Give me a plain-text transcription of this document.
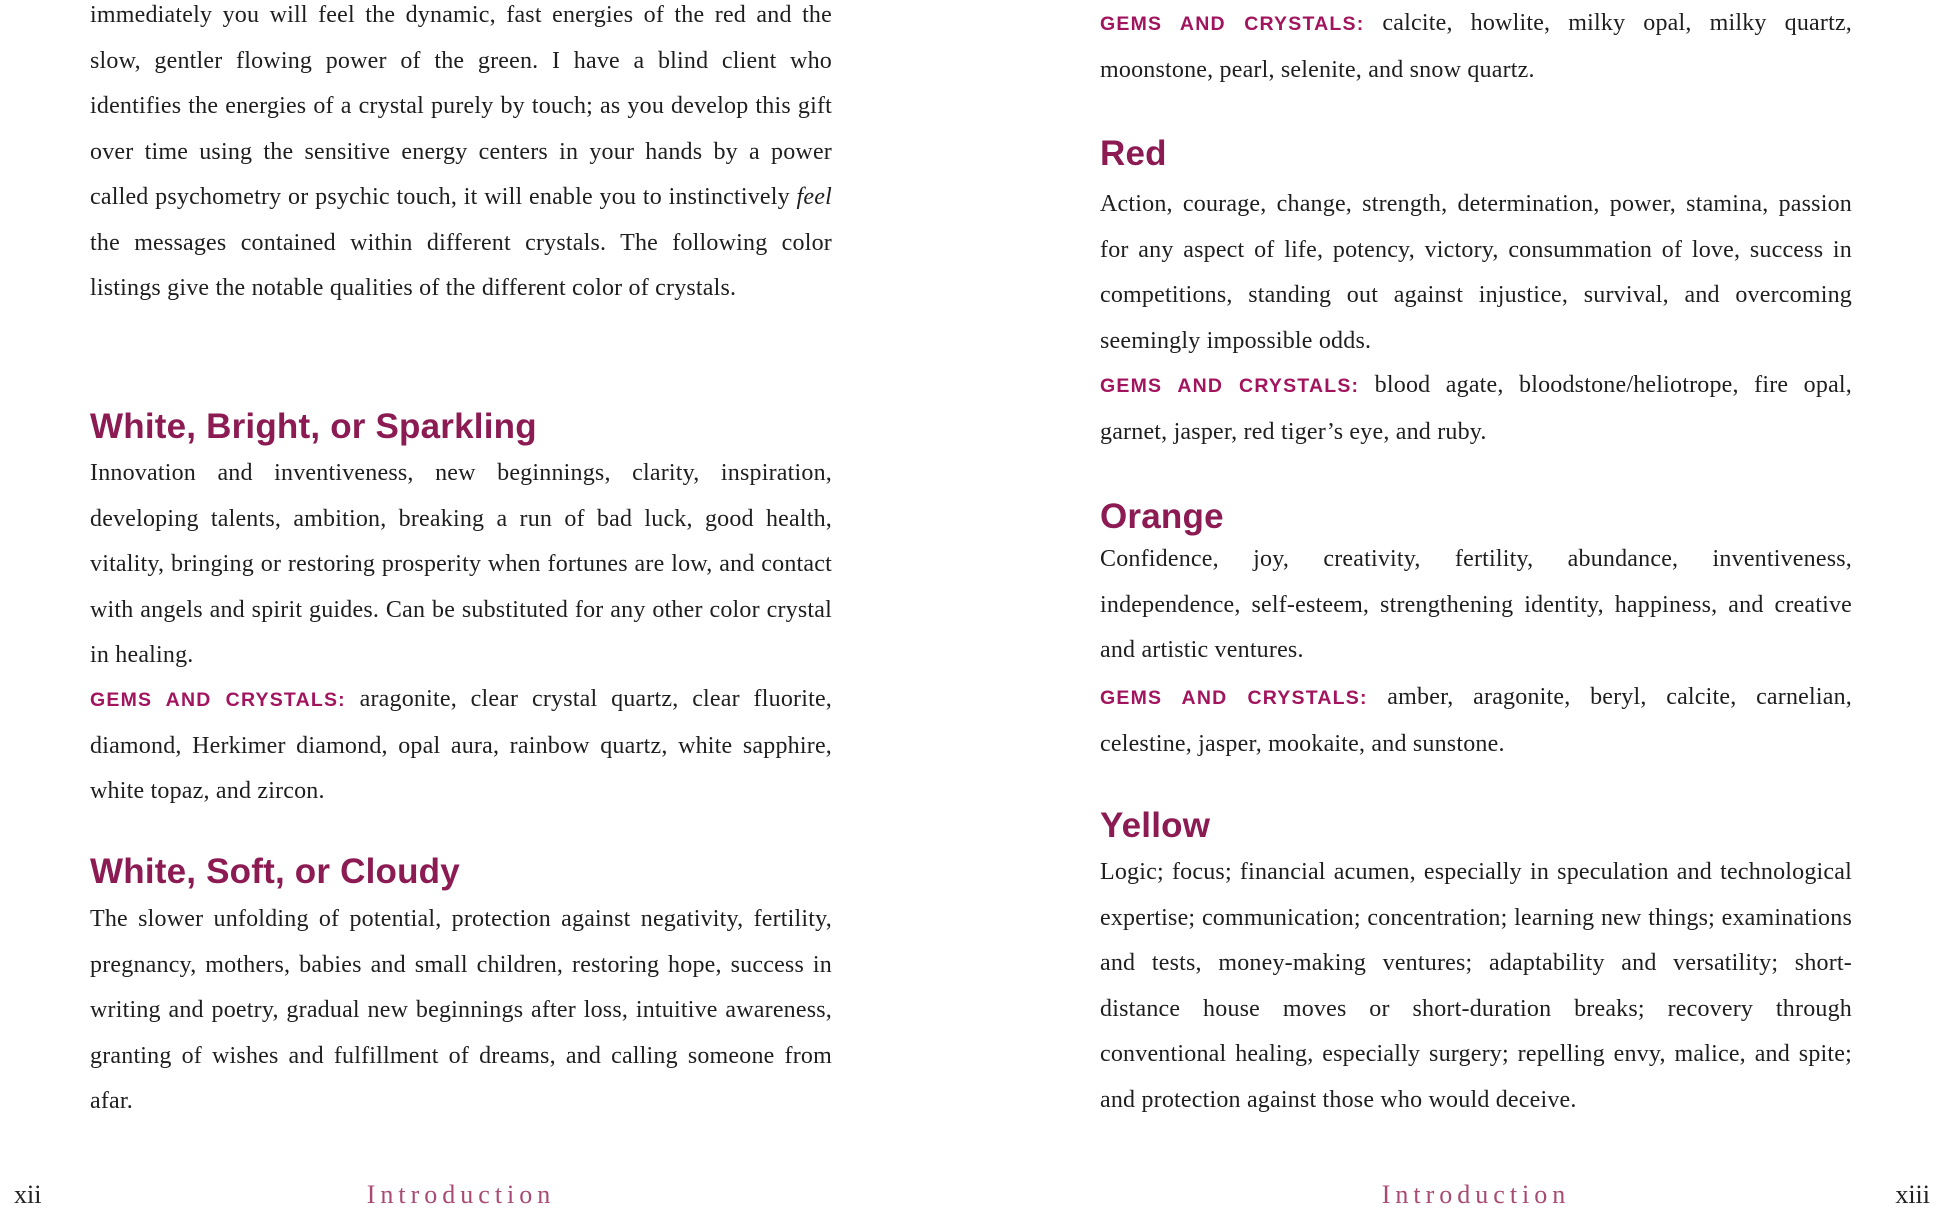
immediately you will feel the dynamic, fast energies of the red and the slow, gentler flowing power of the green. I have a blind client who identifies the energies of a crystal purely by touch; as you develop this gift over time using the sensitive energy centers in your hands by a power called psychometry or psychic touch, it will enable you to instinctively feel the messages contained within different crystals. The following color listings give the notable qualities of the different color of crystals.

White, Bright, or Sparkling

Innovation and inventiveness, new beginnings, clarity, inspiration, developing talents, ambition, breaking a run of bad luck, good health, vitality, bringing or restoring prosperity when fortunes are low, and contact with angels and spirit guides. Can be substituted for any other color crystal in healing.

GEMS AND CRYSTALS: aragonite, clear crystal quartz, clear fluorite, diamond, Herkimer diamond, opal aura, rainbow quartz, white sapphire, white topaz, and zircon.

White, Soft, or Cloudy

The slower unfolding of potential, protection against negativity, fertility, pregnancy, mothers, babies and small children, restoring hope, success in writing and poetry, gradual new beginnings after loss, intuitive awareness, granting of wishes and fulfillment of dreams, and calling someone from afar.

GEMS AND CRYSTALS: calcite, howlite, milky opal, milky quartz, moonstone, pearl, selenite, and snow quartz.

Red

Action, courage, change, strength, determination, power, stamina, passion for any aspect of life, potency, victory, consummation of love, success in competitions, standing out against injustice, survival, and overcoming seemingly impossible odds.

GEMS AND CRYSTALS: blood agate, bloodstone/heliotrope, fire opal, garnet, jasper, red tiger’s eye, and ruby.

Orange

Confidence, joy, creativity, fertility, abundance, inventiveness, independence, self-esteem, strengthening identity, happiness, and creative and artistic ventures.

GEMS AND CRYSTALS: amber, aragonite, beryl, calcite, carnelian, celestine, jasper, mookaite, and sunstone.

Yellow

Logic; focus; financial acumen, especially in speculation and technological expertise; communication; concentration; learning new things; examinations and tests, money-making ventures; adaptability and versatility; short-distance house moves or short-duration breaks; recovery through conventional healing, especially surgery; repelling envy, malice, and spite; and protection against those who would deceive.

xii	Introduction	Introduction	xiii
